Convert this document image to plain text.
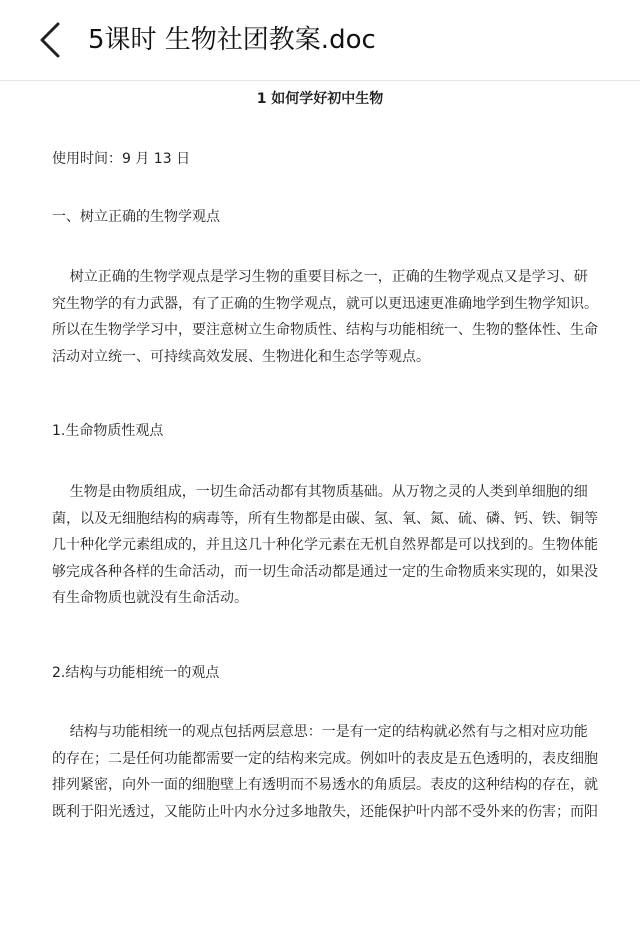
5课时 生物社团教案.doc
1 如何学好初中生物
使用时间：9 月 13 日
一、树立正确的生物学观点
树立正确的生物学观点是学习生物的重要目标之一，正确的生物学观点又是学习、研
究生物学的有力武器，有了正确的生物学观点，就可以更迅速更准确地学到生物学知识。
所以在生物学学习中，要注意树立生命物质性、结构与功能相统一、生物的整体性、生命
活动对立统一、可持续高效发展、生物进化和生态学等观点。
1.生命物质性观点
生物是由物质组成，一切生命活动都有其物质基础。从万物之灵的人类到单细胞的细
菌，以及无细胞结构的病毒等，所有生物都是由碳、氢、氧、氮、硫、磷、钙、铁、铜等
几十种化学元素组成的，并且这几十种化学元素在无机自然界都是可以找到的。生物体能
够完成各种各样的生命活动，而一切生命活动都是通过一定的生命物质来实现的，如果没
有生命物质也就没有生命活动。
2.结构与功能相统一的观点
结构与功能相统一的观点包括两层意思：一是有一定的结构就必然有与之相对应功能
的存在；二是任何功能都需要一定的结构来完成。例如叶的表皮是五色透明的，表皮细胞
排列紧密，向外一面的细胞壁上有透明而不易透水的角质层。表皮的这种结构的存在，就
既利于阳光透过，又能防止叶内水分过多地散失，还能保护叶内部不受外来的伤害；而阳
